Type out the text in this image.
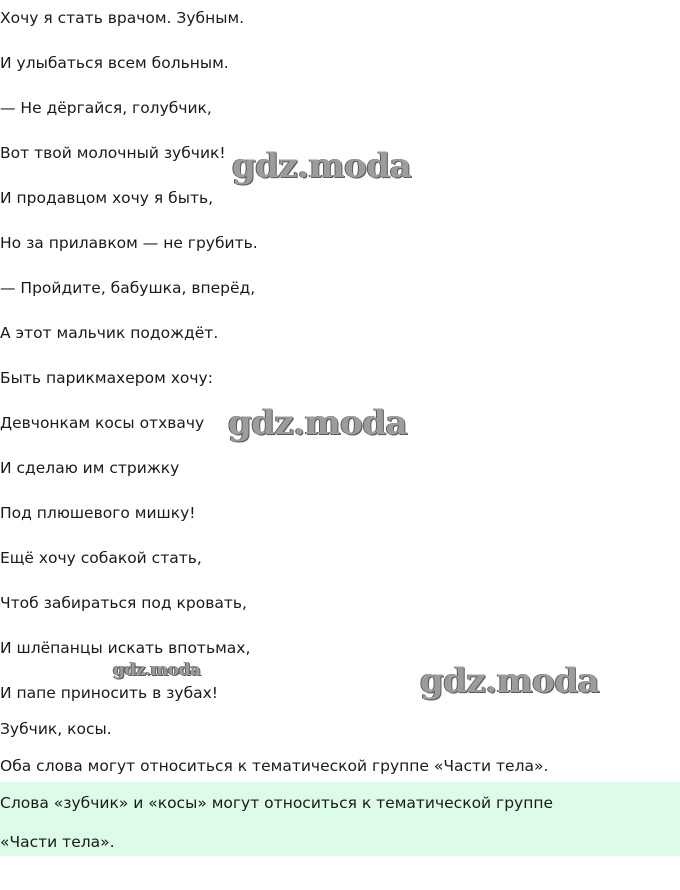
Хочу я стать врачом. Зубным.
И улыбаться всем больным.
— Не дёргайся, голубчик,
Вот твой молочный зубчик!
И продавцом хочу я быть,
Но за прилавком — не грубить.
— Пройдите, бабушка, вперёд,
А этот мальчик подождёт.
Быть парикмахером хочу:
Девчонкам косы отхвачу
И сделаю им стрижку
Под плюшевого мишку!
Ещё хочу собакой стать,
Чтоб забираться под кровать,
И шлёпанцы искать впотьмах,
И папе приносить в зубах!
Зубчик, косы.
Оба слова могут относиться к тематической группе «Части тела».
Слова «зубчик» и «косы» могут относиться к тематической группе
«Части тела».
gdz.moda
gdz.moda
gdz.moda	gdz.moda
